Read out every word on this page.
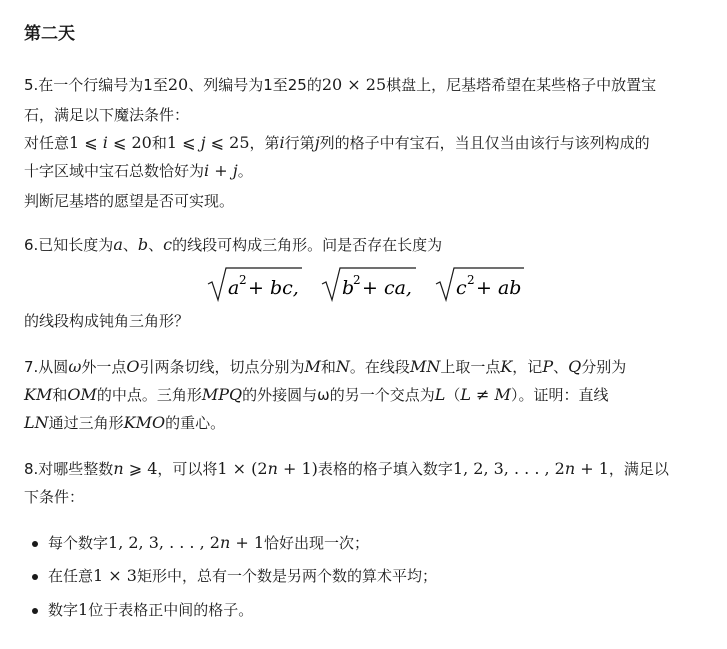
第二天
5.在一个行编号为1至20、列编号为1至25的20 × 25棋盘上，尼基塔希望在某些格子中放置宝
石，满足以下魔法条件：
对任意1 ⩽ i ⩽ 20和1 ⩽ j ⩽ 25，第i行第j列的格子中有宝石，当且仅当由该行与该列构成的
十字区域中宝石总数恰好为i + j。
判断尼基塔的愿望是否可实现。
6.已知长度为a、b、c的线段可构成三角形。问是否存在长度为
a 2 + bc, b
2 + ca, c 2 + ab
的线段构成钝角三角形？
7.从圆ω外一点O引两条切线，切点分别为M和N。在线段MN上取一点K，记P、Q分别为
KM和OM的中点。三角形MPQ的外接圆与ω的另一个交点为L（L ≠ M）。证明：直线
LN通过三角形KMO的重心。
8.对哪些整数n ⩾ 4，可以将1 × (2n + 1)表格的格子填入数字1, 2, 3, . . . , 2n + 1，满足以
下条件：
每个数字1, 2, 3, . . . , 2n + 1恰好出现一次；
在任意1 × 3矩形中，总有一个数是另两个数的算术平均；
数字1位于表格正中间的格子。
